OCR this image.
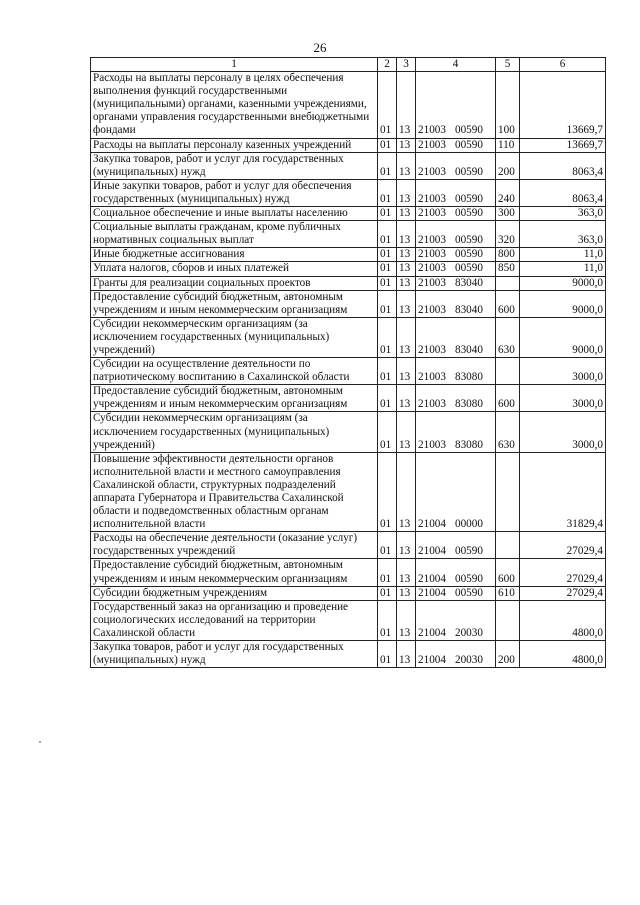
26
1	2	3	4	5	6
Расходы на выплаты персоналу в целях обеспечения выполнения функций государственными (муниципальными) органами, казенными учреждениями, органами управления государственными внебюджетными фондами	01	13	21003 00590	100	13669,7
Расходы на выплаты персоналу казенных учреждений	01	13	21003 00590	110	13669,7
Закупка товаров, работ и услуг для государственных (муниципальных) нужд	01	13	21003 00590	200	8063,4
Иные закупки товаров, работ и услуг для обеспечения государственных (муниципальных) нужд	01	13	21003 00590	240	8063,4
Социальное обеспечение и иные выплаты населению	01	13	21003 00590	300	363,0
Социальные выплаты гражданам, кроме публичных нормативных социальных выплат	01	13	21003 00590	320	363,0
Иные бюджетные ассигнования	01	13	21003 00590	800	11,0
Уплата налогов, сборов и иных платежей	01	13	21003 00590	850	11,0
Гранты для реализации социальных проектов	01	13	21003 83040		9000,0
Предоставление субсидий бюджетным, автономным учреждениям и иным некоммерческим организациям	01	13	21003 83040	600	9000,0
Субсидии некоммерческим организациям (за исключением государственных (муниципальных) учреждений)	01	13	21003 83040	630	9000,0
Субсидии на осуществление деятельности по патриотическому воспитанию в Сахалинской области	01	13	21003 83080		3000,0
Предоставление субсидий бюджетным, автономным учреждениям и иным некоммерческим организациям	01	13	21003 83080	600	3000,0
Субсидии некоммерческим организациям (за исключением государственных (муниципальных) учреждений)	01	13	21003 83080	630	3000,0
Повышение эффективности деятельности органов исполнительной власти и местного самоуправления Сахалинской области, структурных подразделений аппарата Губернатора и Правительства Сахалинской области и подведомственных областным органам исполнительной власти	01	13	21004 00000		31829,4
Расходы на обеспечение деятельности (оказание услуг) государственных учреждений	01	13	21004 00590		27029,4
Предоставление субсидий бюджетным, автономным учреждениям и иным некоммерческим организациям	01	13	21004 00590	600	27029,4
Субсидии бюджетным учреждениям	01	13	21004 00590	610	27029,4
Государственный заказ на организацию и проведение социологических исследований на территории Сахалинской области	01	13	21004 20030		4800,0
Закупка товаров, работ и услуг для государственных (муниципальных) нужд	01	13	21004 20030	200	4800,0
